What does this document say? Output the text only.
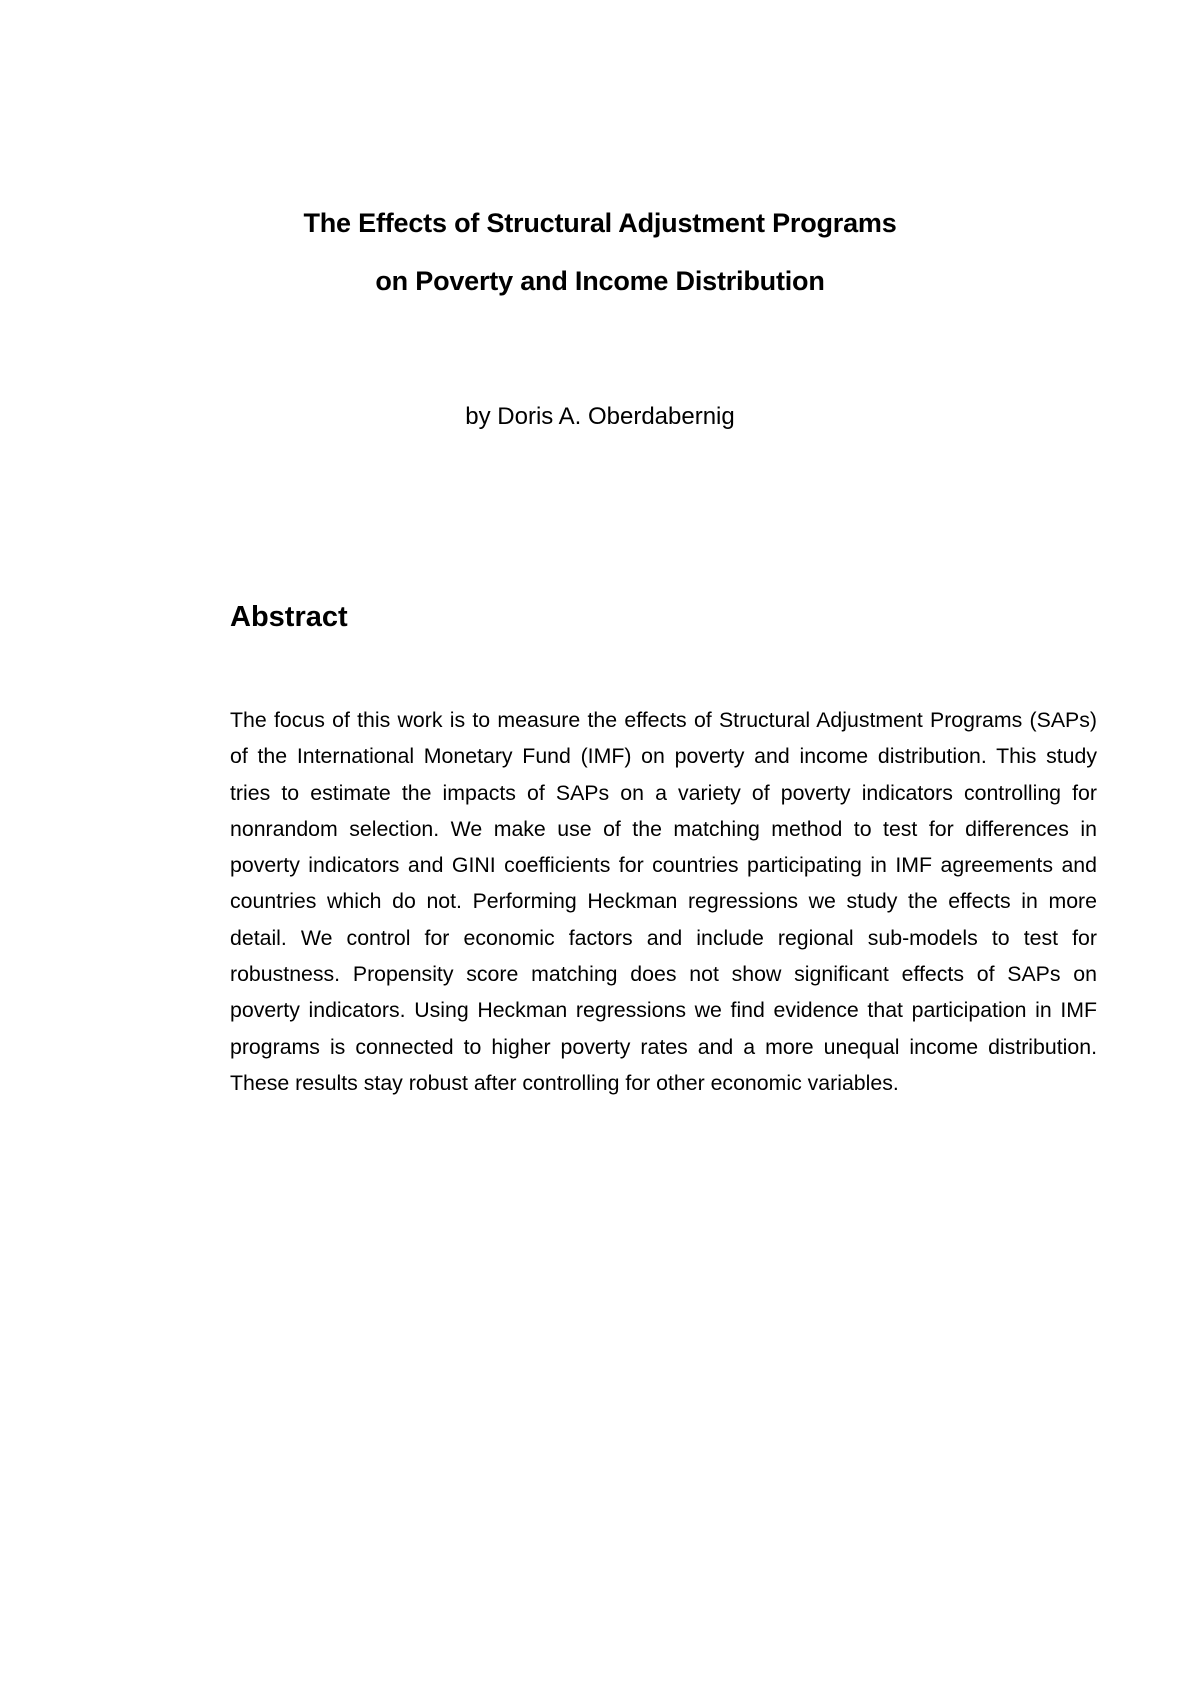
The Effects of Structural Adjustment Programs
on Poverty and Income Distribution
by Doris A. Oberdabernig
Abstract

The focus of this work is to measure the effects of Structural Adjustment Programs (SAPs) of the International Monetary Fund (IMF) on poverty and income distribution. This study tries to estimate the impacts of SAPs on a variety of poverty indicators controlling for nonrandom selection. We make use of the matching method to test for differences in poverty indicators and GINI coefficients for countries participating in IMF agreements and countries which do not. Performing Heckman regressions we study the effects in more detail. We control for economic factors and include regional sub-models to test for robustness. Propensity score matching does not show significant effects of SAPs on poverty indicators. Using Heckman regressions we find evidence that participation in IMF programs is connected to higher poverty rates and a more unequal income distribution. These results stay robust after controlling for other economic variables.
